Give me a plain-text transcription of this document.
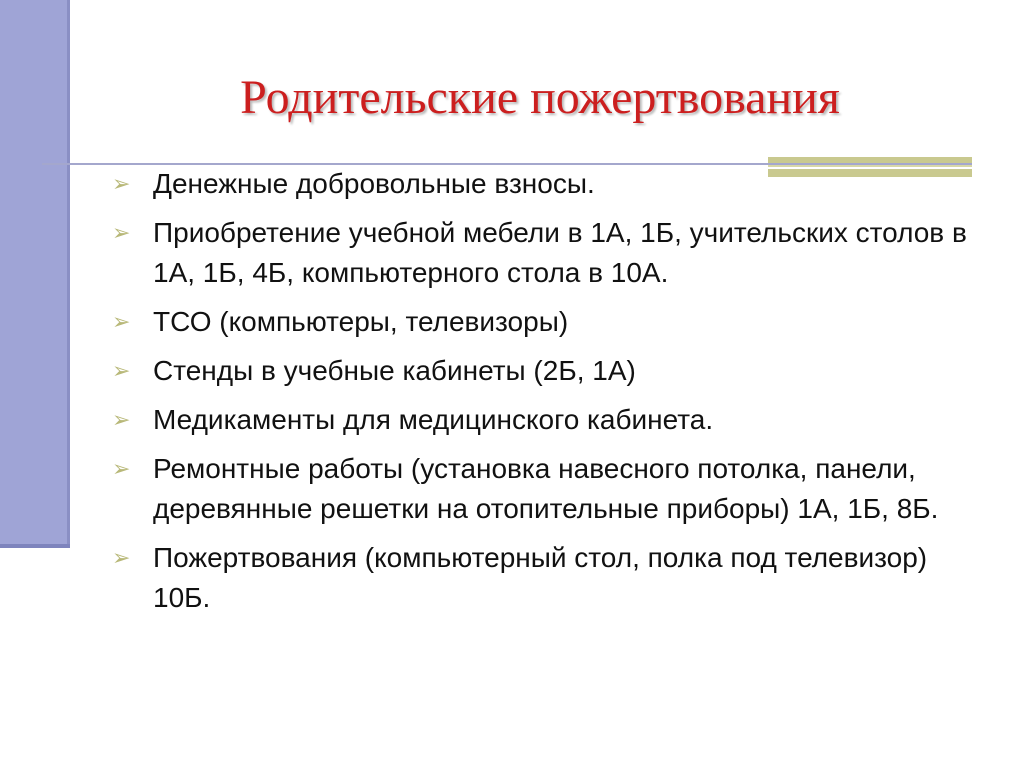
Родительские пожертвования
➢ Денежные добровольные взносы.
➢ Приобретение учебной мебели в 1А, 1Б, учительских столов в 1А, 1Б, 4Б, компьютерного стола в 10А.
➢ ТСО (компьютеры, телевизоры)
➢ Стенды в учебные кабинеты (2Б, 1А)
➢ Медикаменты для медицинского кабинета.
➢ Ремонтные работы (установка навесного потолка, панели, деревянные решетки на отопительные приборы) 1А, 1Б, 8Б.
➢ Пожертвования (компьютерный стол, полка под телевизор) 10Б.
